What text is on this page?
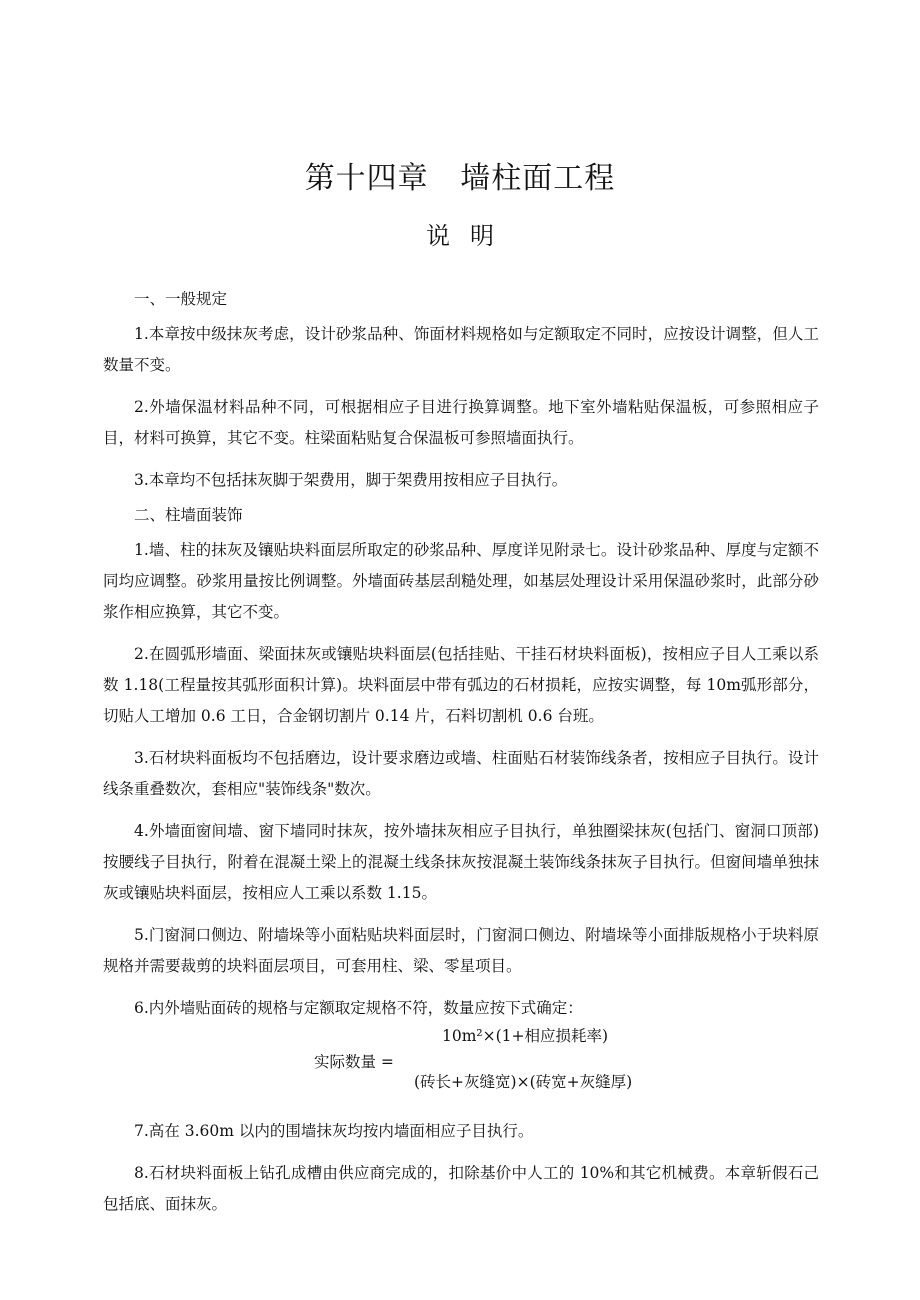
第十四章   墙柱面工程
说明
一、一般规定
1.本章按中级抹灰考虑，设计砂浆品种、饰面材料规格如与定额取定不同时，应按设计调整，但人工数量不变。
2.外墙保温材料品种不同，可根据相应子目进行换算调整。地下室外墙粘贴保温板，可参照相应子目，材料可换算，其它不变。柱梁面粘贴复合保温板可参照墙面执行。
3.本章均不包括抹灰脚于架费用，脚于架费用按相应子目执行。
二、柱墙面装饰
1.墙、柱的抹灰及镶贴块料面层所取定的砂浆品种、厚度详见附录七。设计砂浆品种、厚度与定额不同均应调整。砂浆用量按比例调整。外墙面砖基层刮糙处理，如基层处理设计采用保温砂浆时，此部分砂浆作相应换算，其它不变。
2.在圆弧形墙面、梁面抹灰或镶贴块料面层(包括挂贴、干挂石材块料面板)，按相应子目人工乘以系数 1.18(工程量按其弧形面积计算)。块料面层中带有弧边的石材损耗，应按实调整，每 10m弧形部分，切贴人工增加 0.6 工日，合金钢切割片 0.14 片，石料切割机 0.6 台班。
3.石材块料面板均不包括磨边，设计要求磨边或墙、柱面贴石材装饰线条者，按相应子目执行。设计线条重叠数次，套相应"装饰线条"数次。
4.外墙面窗间墙、窗下墙同时抹灰，按外墙抹灰相应子目执行，单独圈梁抹灰(包括门、窗洞口顶部)按腰线子目执行，附着在混凝土梁上的混凝土线条抹灰按混凝土装饰线条抹灰子目执行。但窗间墙单独抹灰或镶贴块料面层，按相应人工乘以系数 1.15。
5.门窗洞口侧边、附墙垛等小面粘贴块料面层时，门窗洞口侧边、附墙垛等小面排版规格小于块料原规格并需要裁剪的块料面层项目，可套用柱、梁、零星项目。
6.内外墙贴面砖的规格与定额取定规格不符，数量应按下式确定：
实际数量 =
10m²×(1+相应损耗率)
(砖长+灰缝宽)×(砖宽+灰缝厚)
7.高在 3.60m 以内的围墙抹灰均按内墙面相应子目执行。
8.石材块料面板上钻孔成槽由供应商完成的，扣除基价中人工的 10%和其它机械费。本章斩假石己包括底、面抹灰。
